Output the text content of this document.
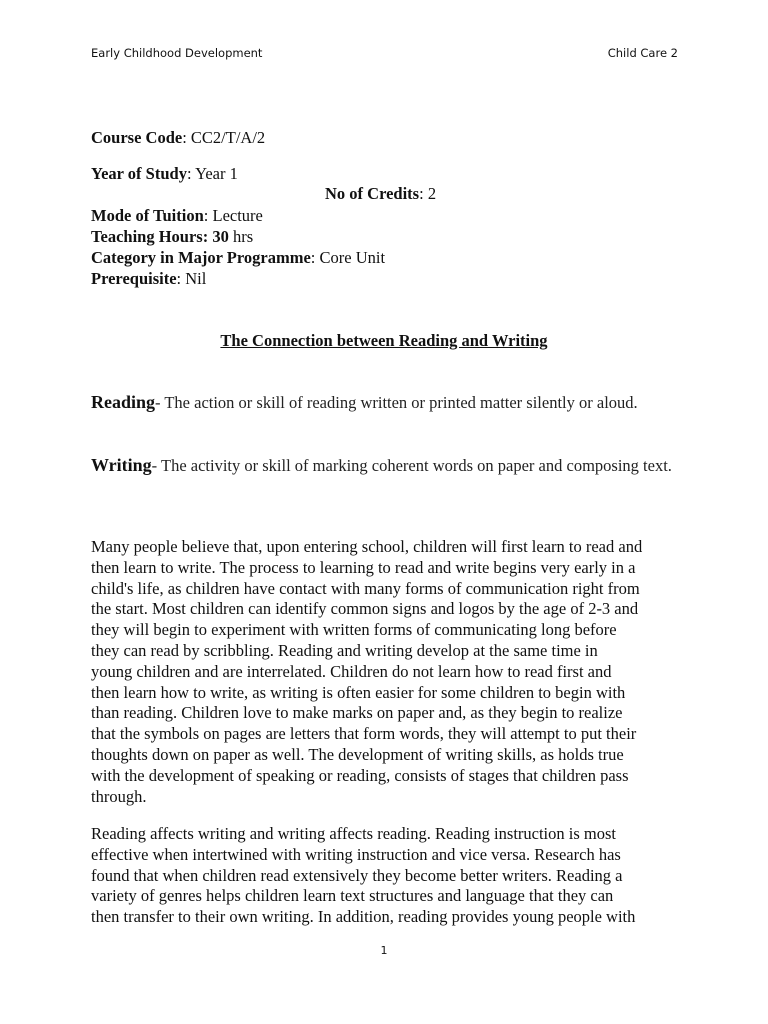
Early Childhood Development	Child Care 2
Course Code: CC2/T/A/2
Year of Study: Year 1
No of Credits: 2
Mode of Tuition: Lecture
Teaching Hours: 30 hrs
Category in Major Programme: Core Unit
Prerequisite: Nil
The Connection between Reading and Writing
Reading- The action or skill of reading written or printed matter silently or aloud.
Writing- The activity or skill of marking coherent words on paper and composing text.
Many people believe that, upon entering school, children will first learn to read and
then learn to write. The process to learning to read and write begins very early in a
child's life, as children have contact with many forms of communication right from
the start. Most children can identify common signs and logos by the age of 2-3 and
they will begin to experiment with written forms of communicating long before
they can read by scribbling. Reading and writing develop at the same time in
young children and are interrelated. Children do not learn how to read first and
then learn how to write, as writing is often easier for some children to begin with
than reading. Children love to make marks on paper and, as they begin to realize
that the symbols on pages are letters that form words, they will attempt to put their
thoughts down on paper as well. The development of writing skills, as holds true
with the development of speaking or reading, consists of stages that children pass
through.
Reading affects writing and writing affects reading. Reading instruction is most
effective when intertwined with writing instruction and vice versa. Research has
found that when children read extensively they become better writers. Reading a
variety of genres helps children learn text structures and language that they can
then transfer to their own writing. In addition, reading provides young people with
1
